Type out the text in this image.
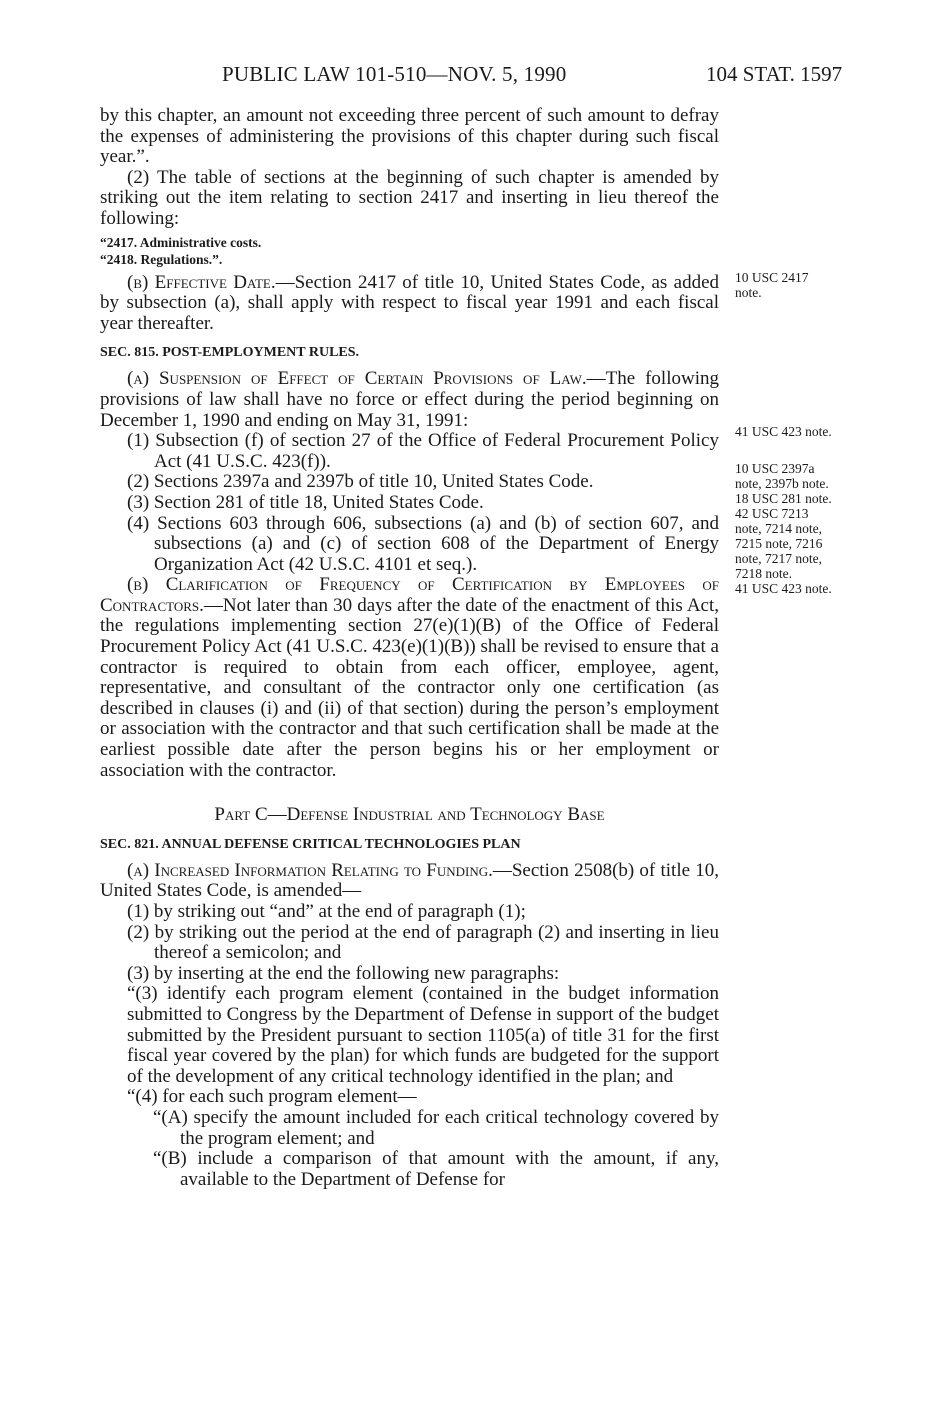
PUBLIC LAW 101-510—NOV. 5, 1990	104 STAT. 1597

by this chapter, an amount not exceeding three percent of such amount to defray the expenses of administering the provisions of this chapter during such fiscal year.”.

(2) The table of sections at the beginning of such chapter is amended by striking out the item relating to section 2417 and inserting in lieu thereof the following:

“2417. Administrative costs.
“2418. Regulations.”.

(b) Effective Date.—Section 2417 of title 10, United States Code, as added by subsection (a), shall apply with respect to fiscal year 1991 and each fiscal year thereafter.

SEC. 815. POST-EMPLOYMENT RULES.

(a) Suspension of Effect of Certain Provisions of Law.—The following provisions of law shall have no force or effect during the period beginning on December 1, 1990 and ending on May 31, 1991:

(1) Subsection (f) of section 27 of the Office of Federal Procurement Policy Act (41 U.S.C. 423(f)).

(2) Sections 2397a and 2397b of title 10, United States Code.

(3) Section 281 of title 18, United States Code.

(4) Sections 603 through 606, subsections (a) and (b) of section 607, and subsections (a) and (c) of section 608 of the Department of Energy Organization Act (42 U.S.C. 4101 et seq.).

(b) Clarification of Frequency of Certification by Employees of Contractors.—Not later than 30 days after the date of the enactment of this Act, the regulations implementing section 27(e)(1)(B) of the Office of Federal Procurement Policy Act (41 U.S.C. 423(e)(1)(B)) shall be revised to ensure that a contractor is required to obtain from each officer, employee, agent, representative, and consultant of the contractor only one certification (as described in clauses (i) and (ii) of that section) during the person’s employment or association with the contractor and that such certification shall be made at the earliest possible date after the person begins his or her employment or association with the contractor.

Part C—Defense Industrial and Technology Base
SEC. 821. ANNUAL DEFENSE CRITICAL TECHNOLOGIES PLAN

(a) Increased Information Relating to Funding.—Section 2508(b) of title 10, United States Code, is amended—

(1) by striking out “and” at the end of paragraph (1);

(2) by striking out the period at the end of paragraph (2) and inserting in lieu thereof a semicolon; and

(3) by inserting at the end the following new paragraphs:

“(3) identify each program element (contained in the budget information submitted to Congress by the Department of Defense in support of the budget submitted by the President pursuant to section 1105(a) of title 31 for the first fiscal year covered by the plan) for which funds are budgeted for the support of the development of any critical technology identified in the plan; and

“(4) for each such program element—

“(A) specify the amount included for each critical technology covered by the program element; and

“(B) include a comparison of that amount with the amount, if any, available to the Department of Defense for

10 USC 2417
note.
41 USC 423 note.
10 USC 2397a
note, 2397b note.
18 USC 281 note.
42 USC 7213
note, 7214 note,
7215 note, 7216
note, 7217 note,
7218 note.
41 USC 423 note.
